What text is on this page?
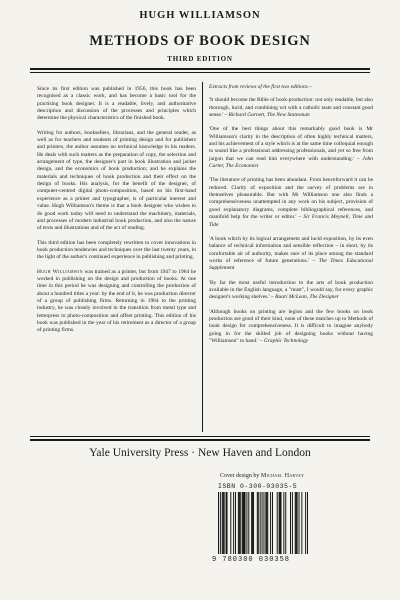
HUGH WILLIAMSON
METHODS OF BOOK DESIGN
THIRD EDITION

Since its first edition was published in 1956, this book has been recognised as a classic work, and has become a basic tool for the practising book designer. It is a readable, lively, and authoritative description and discussion of the processes and principles which determine the physical characteristics of the finished book.

Writing for authors, booksellers, librarians, and the general reader, as well as for teachers and students of printing design and for publishers and printers, the author assumes no technical knowledge in his readers. He deals with such matters as the preparation of copy, the selection and arrangement of type, the designer's part in book illustration and jacket design, and the economics of book production; and he explains the materials and techniques of book production and their effect on the design of books. His analysis, for the benefit of the designer, of computer-centred digital photo-composition, based on his first-hand experience as a printer and typographer, is of particular interest and value. Hugh Williamson's theme is that a book designer who wishes to do good work today will need to understand the machinery, materials, and processes of modern industrial book production, and also the nature of texts and illustrations and of the act of reading.

This third edition has been completely rewritten to cover innovations in book production tendencies and techniques over the last twenty years, in the light of the author's continued experience in publishing and printing.

Hugh Williamson was trained as a printer, but from 1947 to 1964 he worked in publishing on the design and production of books. At one time in this period he was designing and controlling the production of about a hundred titles a year: by the end of it, he was production director of a group of publishing firms. Returning in 1964 to the printing industry, he was closely involved in the transition from metal type and letterpress to photo-composition and offset printing. This edition of his book was published in the year of his retirement as a director of a group of printing firms.

Extracts from reviews of the first two editions –

'It should become the Bible of book-production: not only readable, but also thorough, lucid, and combining wit with a catholic taste and constant good sense.' – Richard Garnett, The New Statesman

'One of the best things about this remarkably good book is Mr Williamson's clarity in the description of often highly technical matters, and his achievement of a style which is at the same time colloquial enough to sound like a professional addressing professionals, and yet so free from jargon that we can read him everywhere with understanding.' – John Carter, The Economist

'The literature of printing has been abundant. From henceforward it can be reduced. Clarity of exposition and the survey of problems are in themselves pleasurable. But with Mr Williamson one also finds a comprehensiveness unattempted in any work on his subject, provision of good explanatory diagrams, complete bibliographical references, and manifold help for the writer or editor.' – Sir Francis Meynell, Time and Tide

'A book which by its logical arrangement and lucid exposition, by its even balance of technical information and sensible reflection – in short, by its comfortable air of authority, makes sure of its place among the standard works of reference of future generations.' – The Times Educational Supplement

'By far the most useful introduction to the arts of book production available in the English language, a "must", I would say, for every graphic designer's working shelves.' – Ruari McLean, The Designer

'Although books on printing are legion and the few books on book production are good of their kind, none of these matches up to Methods of book design for comprehensiveness. It is difficult to imagine anybody going in for the skilled job of designing books without having "Williamson" to hand.' – Graphic Technology

Yale University Press · New Haven and London
Cover design by Michael Harvey
ISBN 0-300-03035-5
9 780300 030358
